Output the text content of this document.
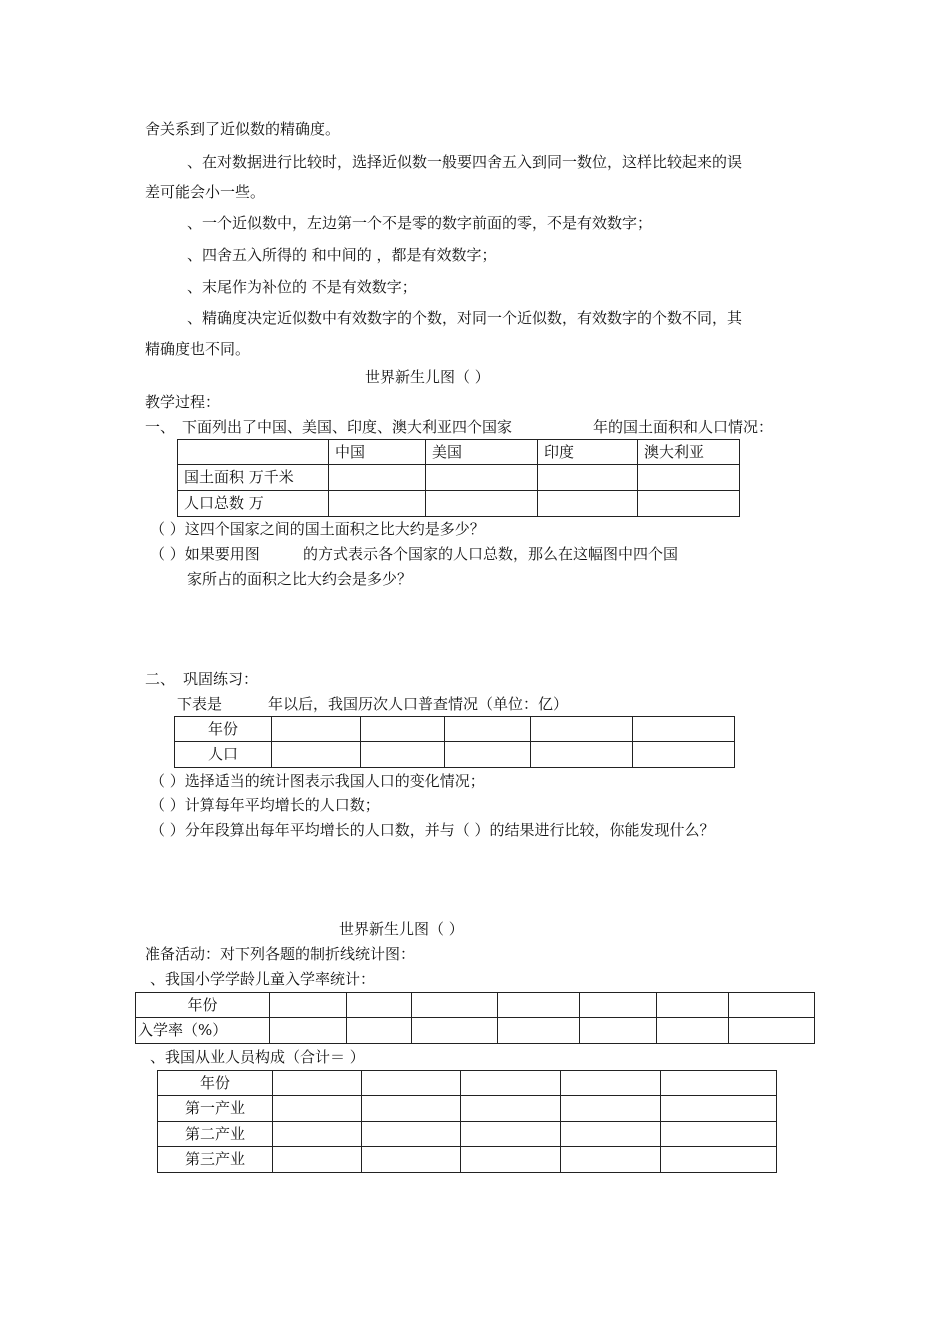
舍关系到了近似数的精确度。
、在对数据进行比较时，选择近似数一般要四舍五入到同一数位，这样比较起来的误
差可能会小一些。
、一个近似数中，左边第一个不是零的数字前面的零，不是有效数字；
、四舍五入所得的 和中间的 ，都是有效数字；
、末尾作为补位的 不是有效数字；
、精确度决定近似数中有效数字的个数，对同一个近似数，有效数字的个数不同，其
精确度也不同。
世界新生儿图（ ）
教学过程：
一、 下面列出了中国、美国、印度、澳大利亚四个国家	年的国土面积和人口情况：
	中国	美国	印度	澳大利亚
国土面积 万千米				
人口总数 万				
（ ）这四个国家之间的国土面积之比大约是多少？
（ ）如果要用图	的方式表示各个国家的人口总数，那么在这幅图中四个国
家所占的面积之比大约会是多少？
二、 巩固练习：
下表是	年以后，我国历次人口普查情况（单位：亿）
年份					
人口					
（ ）选择适当的统计图表示我国人口的变化情况；
（ ）计算每年平均增长的人口数；
（ ）分年段算出每年平均增长的人口数，并与（ ）的结果进行比较，你能发现什么？
世界新生儿图（ ）
准备活动：对下列各题的制折线统计图：
、我国小学学龄儿童入学率统计：
年份							
入学率（%）							
、我国从业人员构成（合计＝ ）
年份					
第一产业					
第二产业					
第三产业					
